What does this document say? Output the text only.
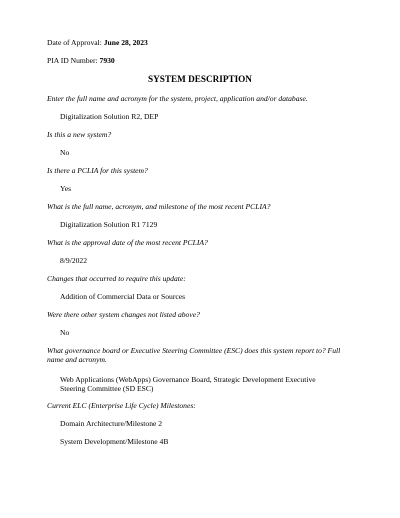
Date of Approval: June 28, 2023
PIA ID Number: 7930
SYSTEM DESCRIPTION
Enter the full name and acronym for the system, project, application and/or database.
Digitalization Solution R2, DEP
Is this a new system?
No
Is there a PCLIA for this system?
Yes
What is the full name, acronym, and milestone of the most recent PCLIA?
Digitalization Solution R1 7129
What is the approval date of the most recent PCLIA?
8/9/2022
Changes that occurred to require this update:
Addition of Commercial Data or Sources
Were there other system changes not listed above?
No
What governance board or Executive Steering Committee (ESC) does this system report to? Full
name and acronym.
Web Applications (WebApps) Governance Board, Strategic Development Executive
Steering Committee (SD ESC)
Current ELC (Enterprise Life Cycle) Milestones:
Domain Architecture/Milestone 2
System Development/Milestone 4B
